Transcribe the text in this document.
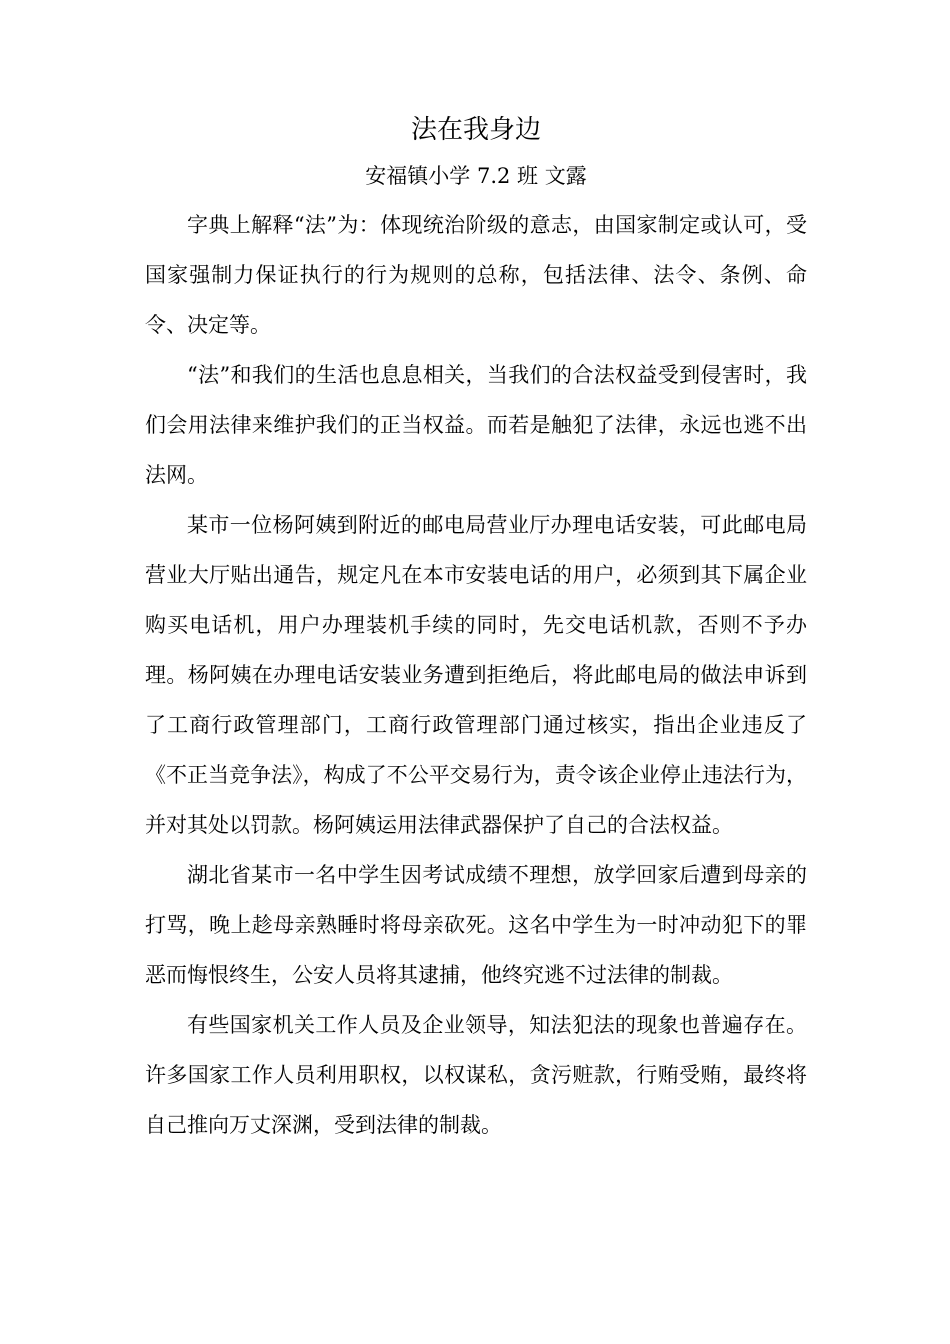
法在我身边

安福镇小学 7.2 班 文露

字典上解释“法”为：体现统治阶级的意志，由国家制定或认可，受国家强制力保证执行的行为规则的总称，包括法律、法令、条例、命令、决定等。

“法”和我们的生活也息息相关，当我们的合法权益受到侵害时，我们会用法律来维护我们的正当权益。而若是触犯了法律，永远也逃不出法网。

某市一位杨阿姨到附近的邮电局营业厅办理电话安装，可此邮电局营业大厅贴出通告，规定凡在本市安装电话的用户，必须到其下属企业购买电话机，用户办理装机手续的同时，先交电话机款，否则不予办理。杨阿姨在办理电话安装业务遭到拒绝后，将此邮电局的做法申诉到了工商行政管理部门，工商行政管理部门通过核实，指出企业违反了《不正当竞争法》，构成了不公平交易行为，责令该企业停止违法行为，并对其处以罚款。杨阿姨运用法律武器保护了自己的合法权益。

湖北省某市一名中学生因考试成绩不理想，放学回家后遭到母亲的打骂，晚上趁母亲熟睡时将母亲砍死。这名中学生为一时冲动犯下的罪恶而悔恨终生，公安人员将其逮捕，他终究逃不过法律的制裁。

有些国家机关工作人员及企业领导，知法犯法的现象也普遍存在。许多国家工作人员利用职权，以权谋私，贪污赃款，行贿受贿，最终将自己推向万丈深渊，受到法律的制裁。
